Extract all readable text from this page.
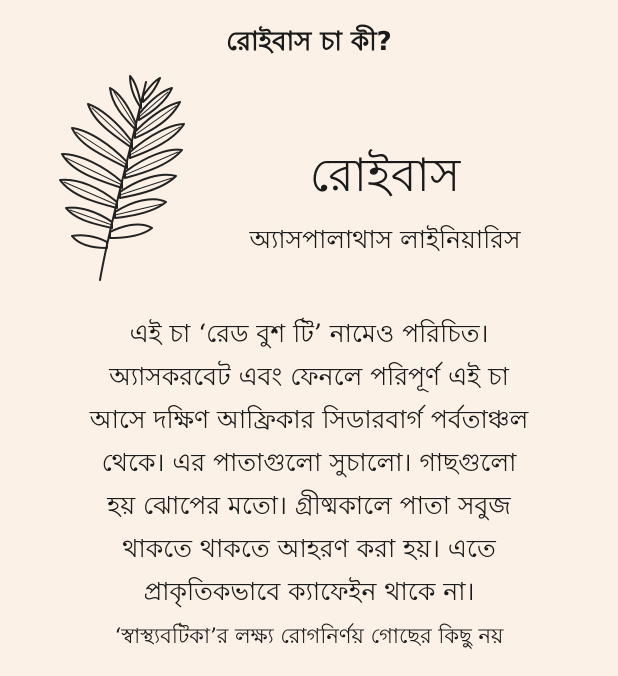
রোইবাস চা কী?
রোইবাস
অ্যাসপালাথাস লাইনিয়ারিস
এই চা ‘রেড বুশ টি’ নামেও পরিচিত।
অ্যাসকরবেট এবং ফেনলে পরিপূর্ণ এই চা
আসে দক্ষিণ আফ্রিকার সিডারবার্গ পর্বতাঞ্চল
থেকে। এর পাতাগুলো সুচালো। গাছগুলো
হয় ঝোপের মতো। গ্রীষ্মকালে পাতা সবুজ
থাকতে থাকতে আহরণ করা হয়। এতে
প্রাকৃতিকভাবে ক্যাফেইন থাকে না।
‘স্বাস্থ্যবটিকা’র লক্ষ্য রোগনির্ণয় গোছের কিছু নয়
